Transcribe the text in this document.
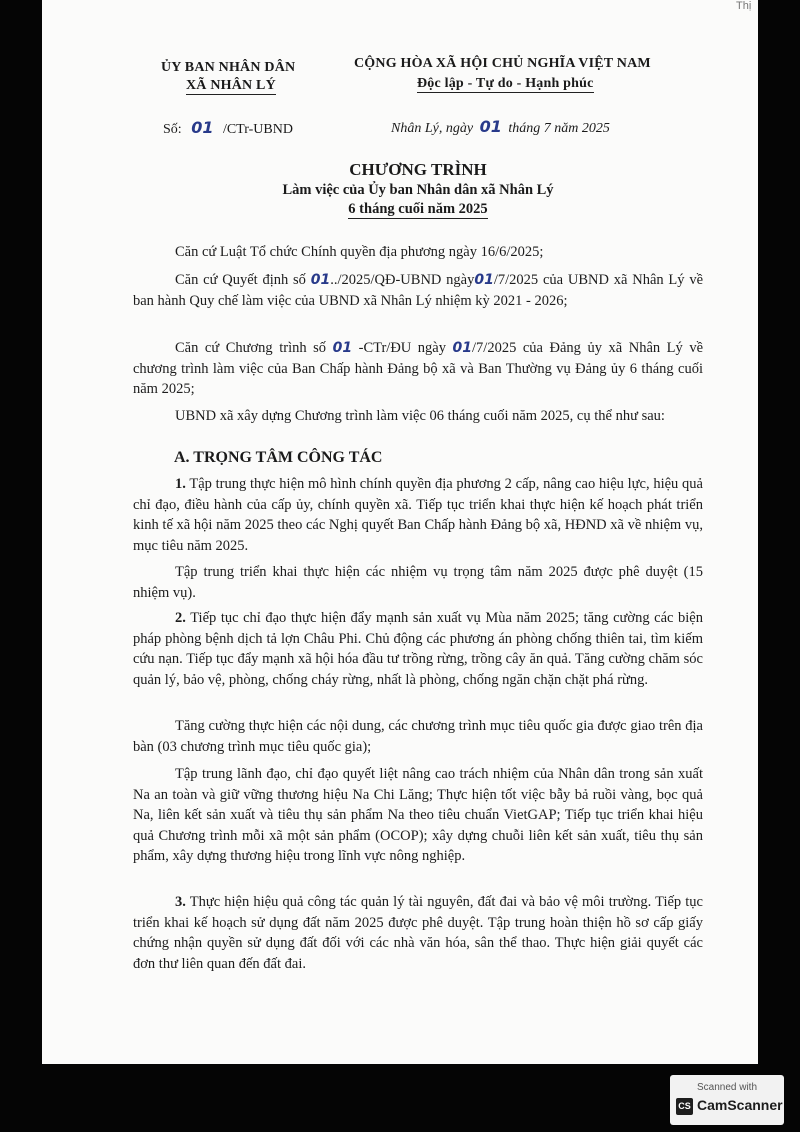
Thị
ỦY BAN NHÂN DÂN
XÃ NHÂN LÝ
CỘNG HÒA XÃ HỘI CHỦ NGHĨA VIỆT NAM
Độc lập - Tự do - Hạnh phúc
Số: 01 /CTr-UBND	Nhân Lý, ngày 01 tháng 7 năm 2025
CHƯƠNG TRÌNH
Làm việc của Ủy ban Nhân dân xã Nhân Lý
6 tháng cuối năm 2025
Căn cứ Luật Tổ chức Chính quyền địa phương ngày 16/6/2025;
Căn cứ Quyết định số 01../2025/QĐ-UBND ngày01/7/2025 của UBND xã Nhân Lý về ban hành Quy chế làm việc của UBND xã Nhân Lý nhiệm kỳ 2021 - 2026;
Căn cứ Chương trình số 01 -CTr/ĐU ngày 01/7/2025 của Đảng ủy xã Nhân Lý về chương trình làm việc của Ban Chấp hành Đảng bộ xã và Ban Thường vụ Đảng ủy 6 tháng cuối năm 2025;
UBND xã xây dựng Chương trình làm việc 06 tháng cuối năm 2025, cụ thể như sau:
A. TRỌNG TÂM CÔNG TÁC
1. Tập trung thực hiện mô hình chính quyền địa phương 2 cấp, nâng cao hiệu lực, hiệu quả chỉ đạo, điều hành của cấp ủy, chính quyền xã. Tiếp tục triển khai thực hiện kế hoạch phát triển kinh tế xã hội năm 2025 theo các Nghị quyết Ban Chấp hành Đảng bộ xã, HĐND xã về nhiệm vụ, mục tiêu năm 2025.
Tập trung triển khai thực hiện các nhiệm vụ trọng tâm năm 2025 được phê duyệt (15 nhiệm vụ).
2. Tiếp tục chỉ đạo thực hiện đẩy mạnh sản xuất vụ Mùa năm 2025; tăng cường các biện pháp phòng bệnh dịch tả lợn Châu Phi. Chủ động các phương án phòng chống thiên tai, tìm kiếm cứu nạn. Tiếp tục đẩy mạnh xã hội hóa đầu tư trồng rừng, trồng cây ăn quả. Tăng cường chăm sóc quản lý, bảo vệ, phòng, chống cháy rừng, nhất là phòng, chống ngăn chặn chặt phá rừng.
Tăng cường thực hiện các nội dung, các chương trình mục tiêu quốc gia được giao trên địa bàn (03 chương trình mục tiêu quốc gia);
Tập trung lãnh đạo, chỉ đạo quyết liệt nâng cao trách nhiệm của Nhân dân trong sản xuất Na an toàn và giữ vững thương hiệu Na Chi Lăng; Thực hiện tốt việc bẫy bả ruồi vàng, bọc quả Na, liên kết sản xuất và tiêu thụ sản phẩm Na theo tiêu chuẩn VietGAP; Tiếp tục triển khai hiệu quả Chương trình mỗi xã một sản phẩm (OCOP); xây dựng chuỗi liên kết sản xuất, tiêu thụ sản phẩm, xây dựng thương hiệu trong lĩnh vực nông nghiệp.
3. Thực hiện hiệu quả công tác quản lý tài nguyên, đất đai và bảo vệ môi trường. Tiếp tục triển khai kế hoạch sử dụng đất năm 2025 được phê duyệt. Tập trung hoàn thiện hồ sơ cấp giấy chứng nhận quyền sử dụng đất đối với các nhà văn hóa, sân thể thao. Thực hiện giải quyết các đơn thư liên quan đến đất đai.
Scanned with
CS CamScanner
